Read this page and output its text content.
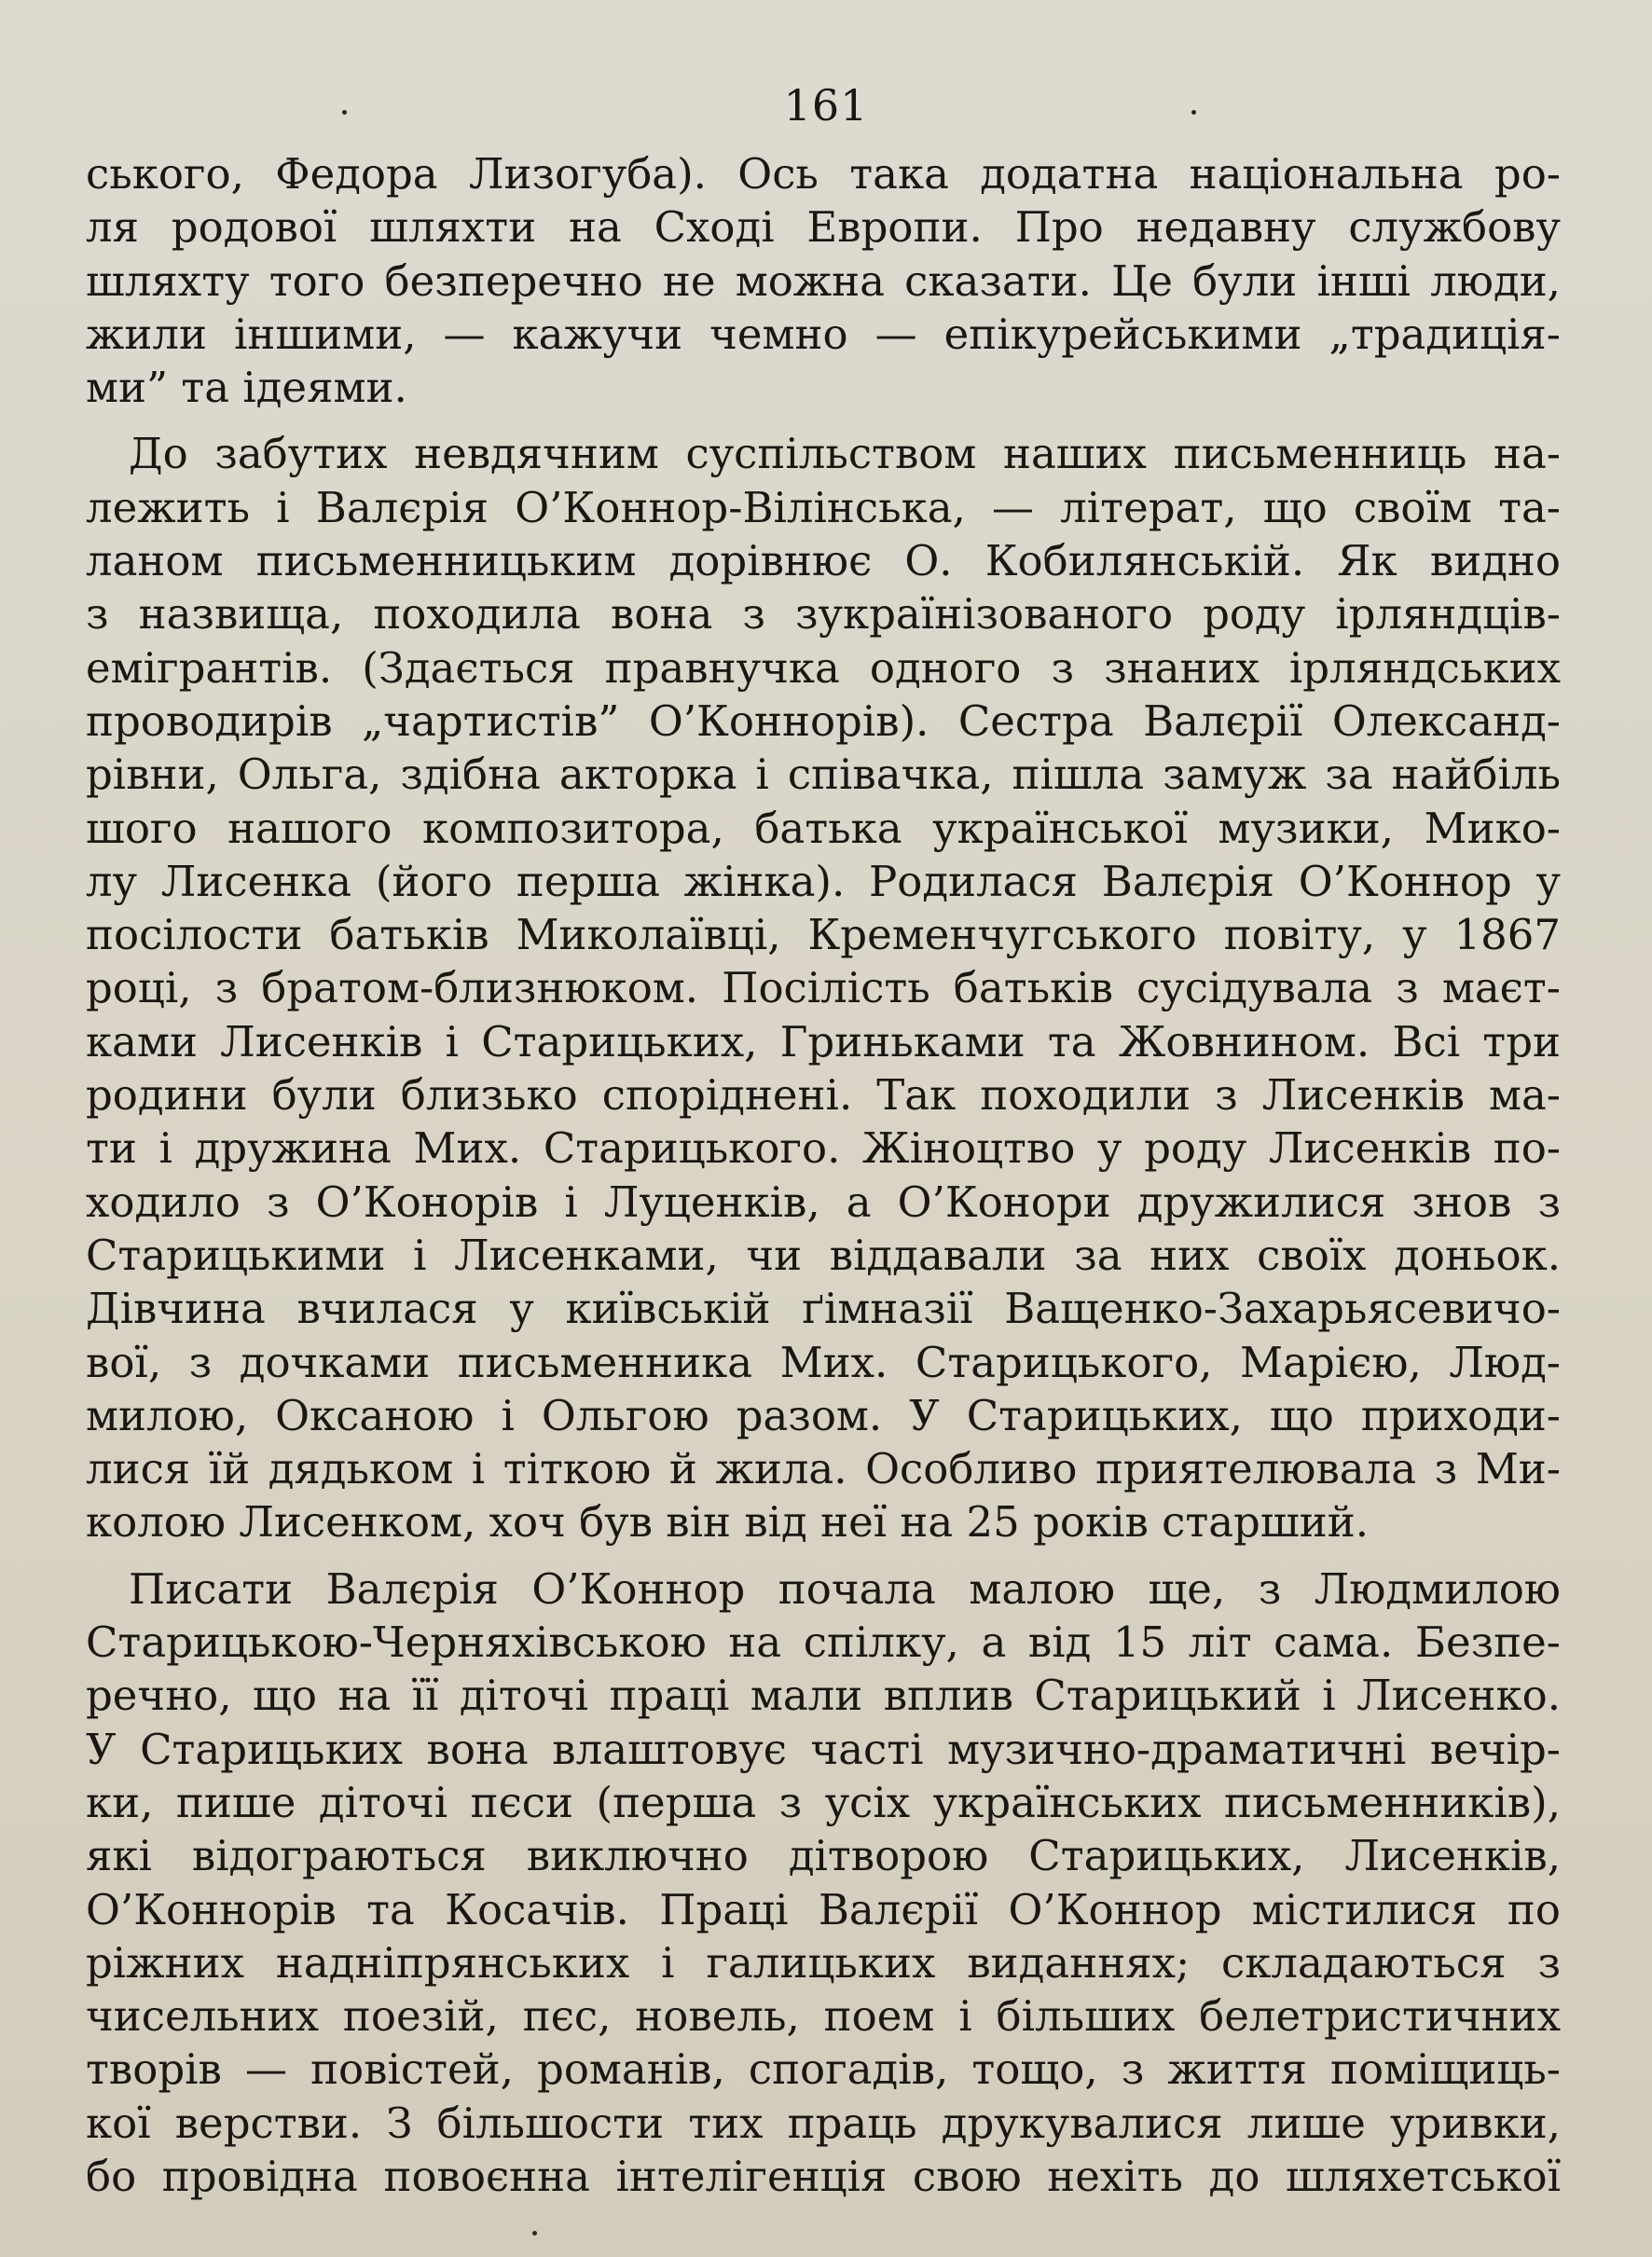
161
ського, Федора Лизогуба). Ось така додатна національна ро-
ля родової шляхти на Сході Европи. Про недавну службову
шляхту того безперечно не можна сказати. Це були інші люди,
жили іншими, — кажучи чемно — епікурейськими „традиція-
ми” та ідеями.
До забутих невдячним суспільством наших письменниць на-
лежить і Валєрія О’Коннор-Вілінська, — літерат, що своїм та-
ланом письменницьким дорівнює О. Кобилянській. Як видно
з назвища, походила вона з зукраїнізованого роду ірляндців-
емігрантів. (Здається правнучка одного з знаних ірляндських
проводирів „чартистів” О’Коннорів). Сестра Валєрії Олександ-
рівни, Ольга, здібна акторка і співачка, пішла замуж за найбіль
шого нашого композитора, батька української музики, Мико-
лу Лисенка (його перша жінка). Родилася Валєрія О’Коннор у
посілости батьків Миколаївці, Кременчугського повіту, у 1867
році, з братом-близнюком. Посілість батьків сусідувала з маєт-
ками Лисенків і Старицьких, Гриньками та Жовнином. Всі три
родини були близько споріднені. Так походили з Лисенків ма-
ти і дружина Мих. Старицького. Жіноцтво у роду Лисенків по-
ходило з О’Конорів і Луценків, а О’Конори дружилися знов з
Старицькими і Лисенками, чи віддавали за них своїх доньок.
Дівчина вчилася у київській ґімназії Ващенко-Захарьясевичо-
вої, з дочками письменника Мих. Старицького, Марією, Люд-
милою, Оксаною і Ольгою разом. У Старицьких, що приходи-
лися їй дядьком і тіткою й жила. Особливо приятелювала з Ми-
колою Лисенком, хоч був він від неї на 25 років старший.
Писати Валєрія О’Коннор почала малою ще, з Людмилою
Старицькою-Черняхівською на спілку, а від 15 літ сама. Безпе-
речно, що на її діточі праці мали вплив Старицький і Лисенко.
У Старицьких вона влаштовує часті музично-драматичні вечір-
ки, пише діточі пєси (перша з усіх українських письменників),
які відограються виключно дітворою Старицьких, Лисенків,
О’Коннорів та Косачів. Праці Валєрії О’Коннор містилися по
ріжних надніпрянських і галицьких виданнях; складаються з
чисельних поезій, пєс, новель, поем і більших белетристичних
творів — повістей, романів, спогадів, тощо, з життя поміщиць-
кої верстви. З більшости тих праць друкувалися лише уривки,
бо провідна повоєнна інтелігенція свою нехіть до шляхетської
